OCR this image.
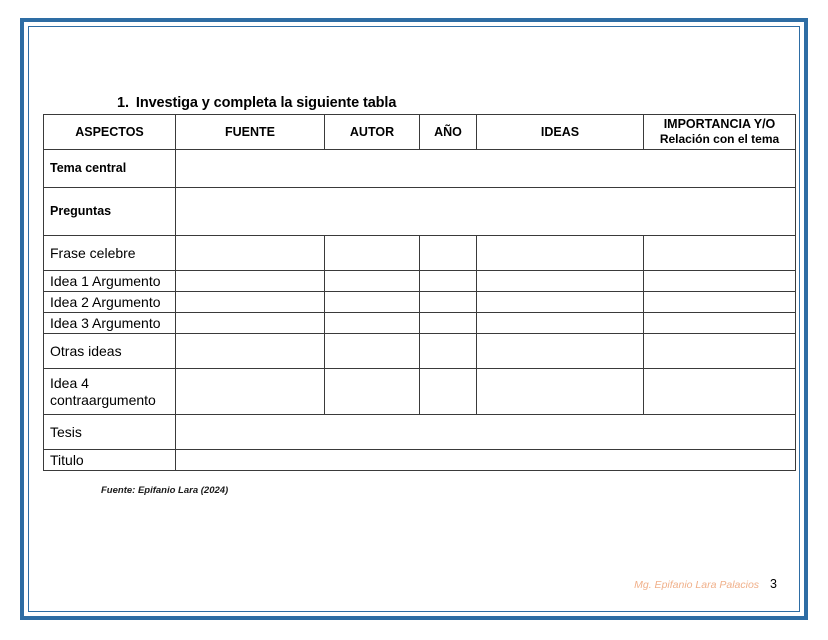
1. Investiga y completa la siguiente tabla
ASPECTOS	FUENTE	AUTOR	AÑO	IDEAS	IMPORTANCIA Y/O
Relación con el tema

Tema central					
Preguntas					
Frase celebre					
Idea 1 Argumento					
Idea 2 Argumento					
Idea 3 Argumento					
Otras ideas					
Idea 4 contraargumento					
Tesis					
Titulo					
Fuente: Epifanio Lara (2024)
Mg. Epifanio Lara Palacios 3
